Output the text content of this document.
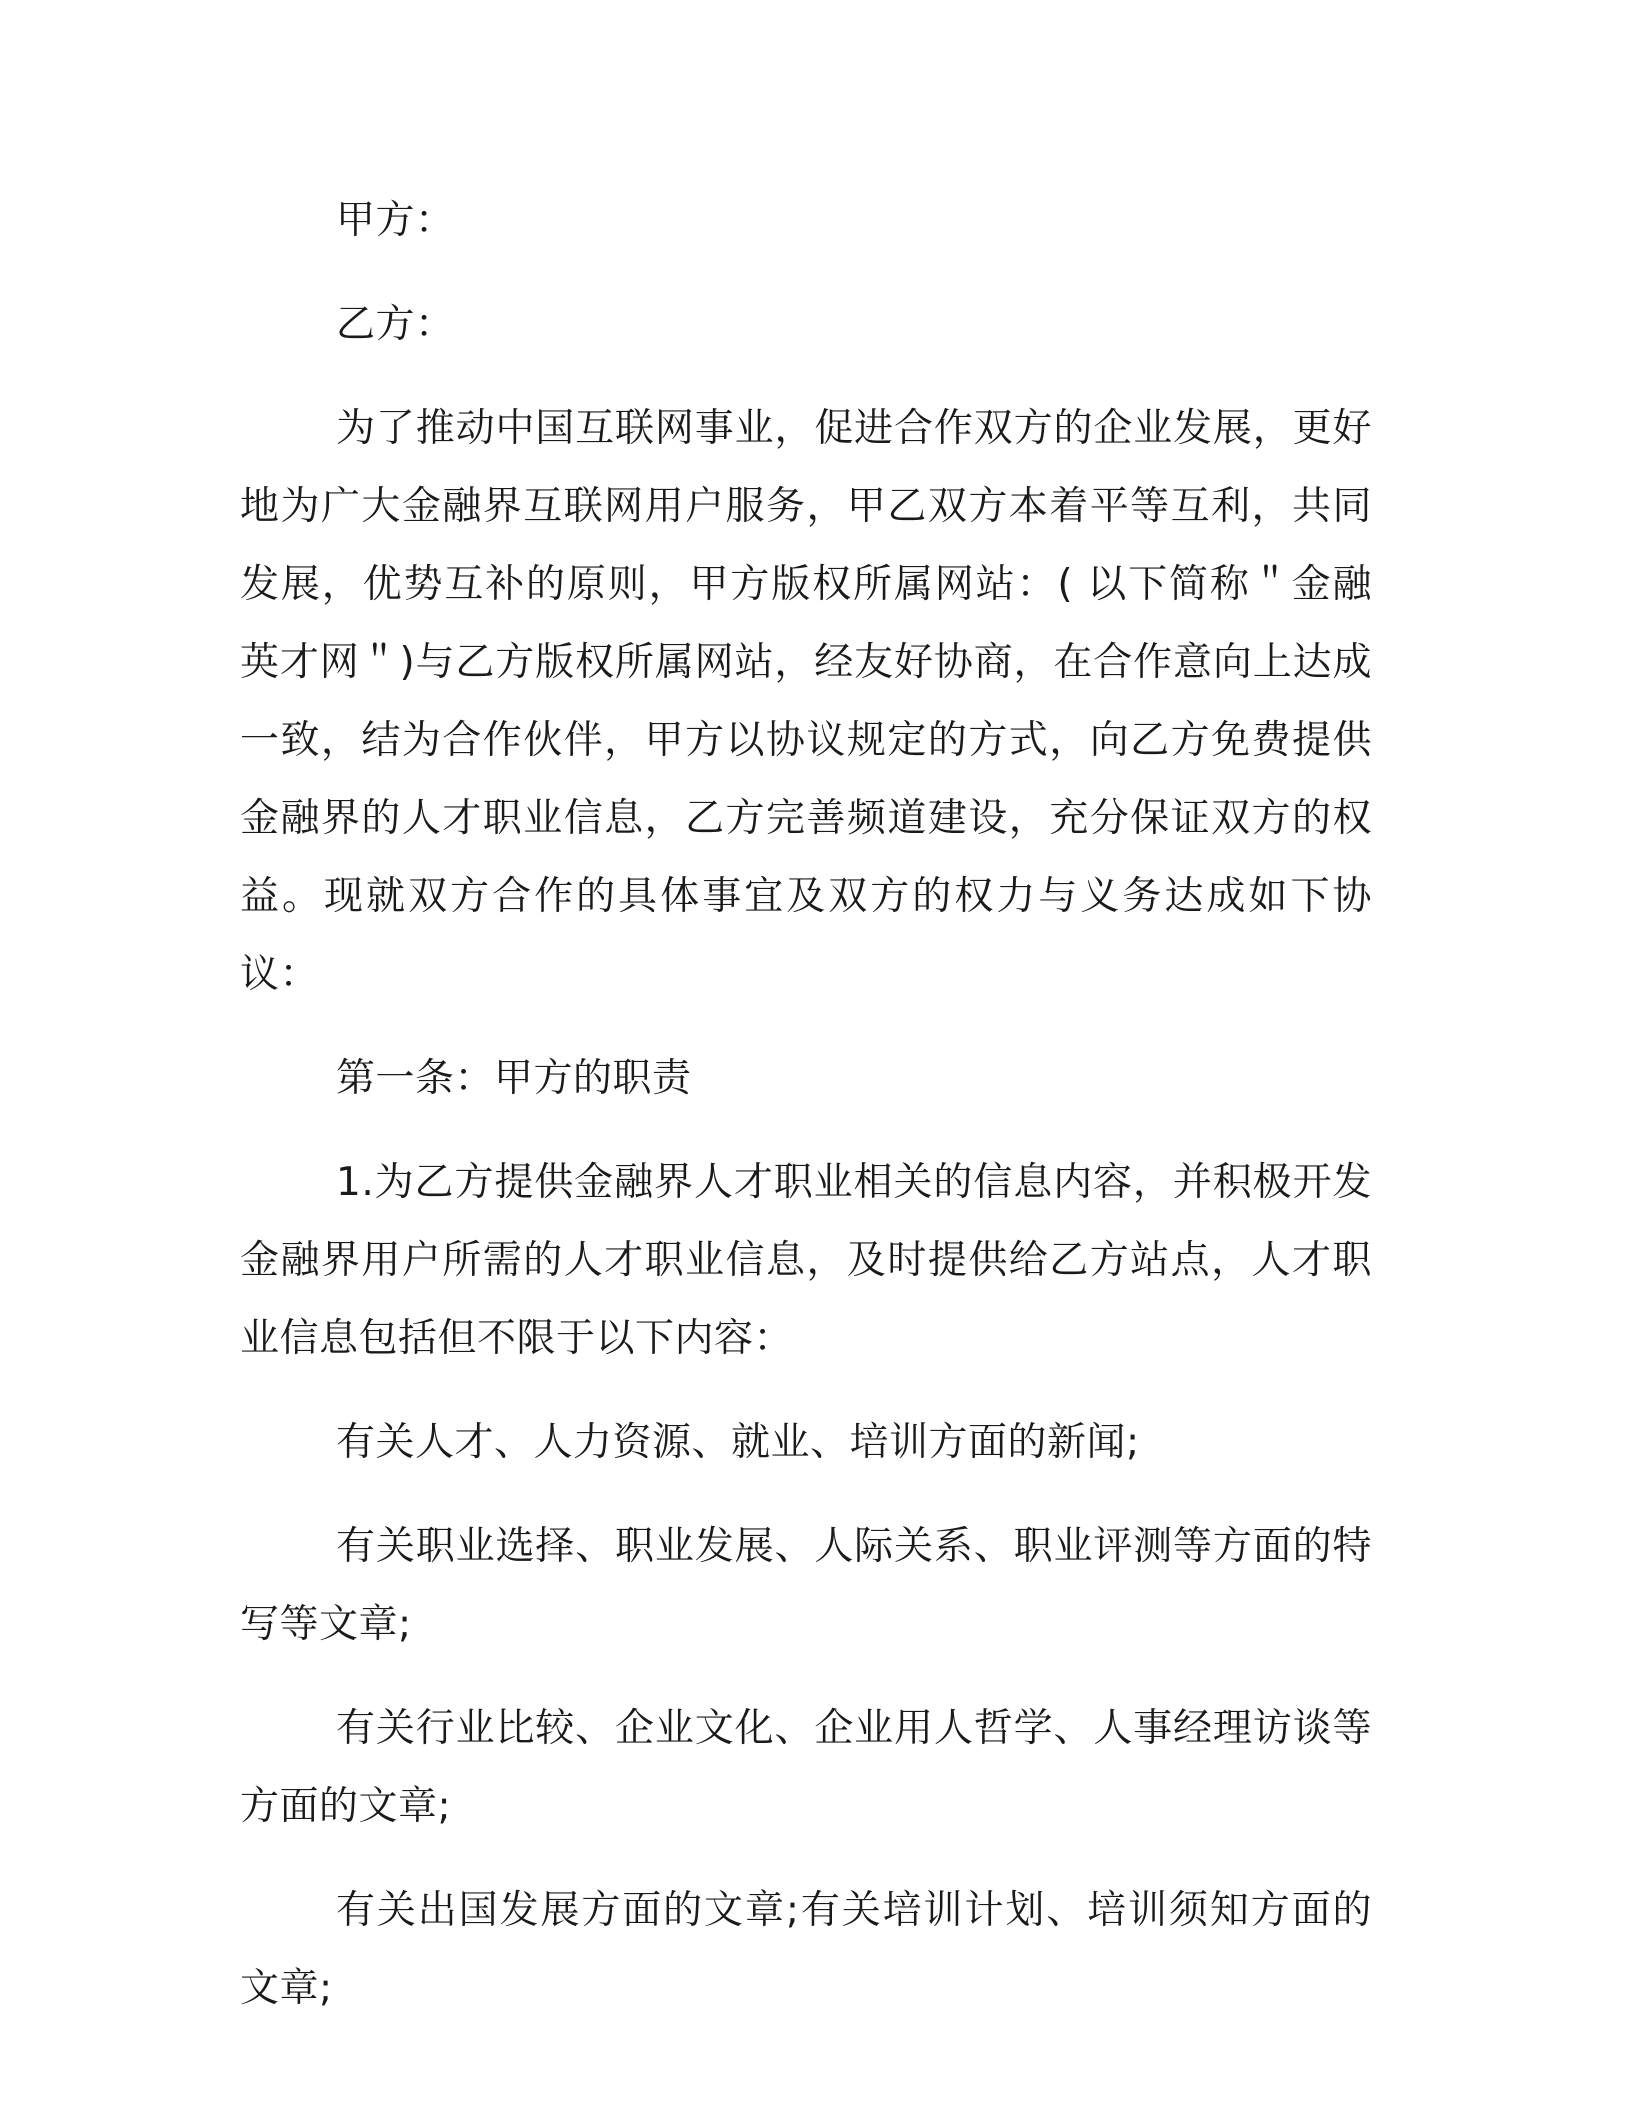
甲方：

乙方：

为了推动中国互联网事业，促进合作双方的企业发展，更好地为广大金融界互联网用户服务，甲乙双方本着平等互利，共同发展，优势互补的原则，甲方版权所属网站：( 以下简称＂金融英才网＂)与乙方版权所属网站，经友好协商，在合作意向上达成一致，结为合作伙伴，甲方以协议规定的方式，向乙方免费提供金融界的人才职业信息，乙方完善频道建设，充分保证双方的权益。现就双方合作的具体事宜及双方的权力与义务达成如下协议：

第一条：甲方的职责

1.为乙方提供金融界人才职业相关的信息内容，并积极开发金融界用户所需的人才职业信息，及时提供给乙方站点，人才职业信息包括但不限于以下内容：

有关人才、人力资源、就业、培训方面的新闻;

有关职业选择、职业发展、人际关系、职业评测等方面的特写等文章;

有关行业比较、企业文化、企业用人哲学、人事经理访谈等方面的文章;

有关出国发展方面的文章;有关培训计划、培训须知方面的文章;
